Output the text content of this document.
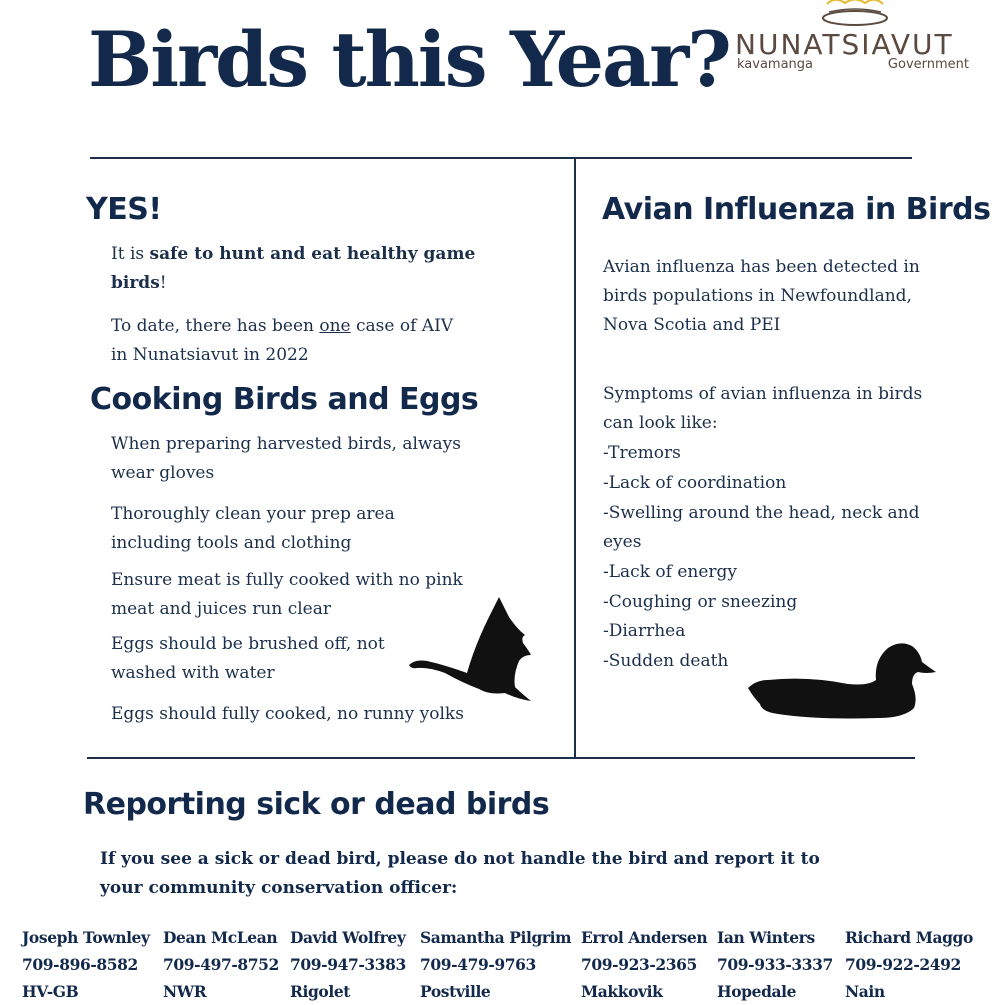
Birds this Year? NUNATSIAVUT
kavamanga	Government
YES!
It is safe to hunt and eat healthy game birds!
To date, there has been one case of AIV in Nunatsiavut in 2022
Cooking Birds and Eggs
When preparing harvested birds, always wear gloves
Thoroughly clean your prep area including tools and clothing
Ensure meat is fully cooked with no pink meat and juices run clear
Eggs should be brushed off, not washed with water
Eggs should fully cooked, no runny yolks
Avian Influenza in Birds
Avian influenza has been detected in birds populations in Newfoundland, Nova Scotia and PEI
Symptoms of avian influenza in birds can look like:
-Tremors
-Lack of coordination
-Swelling around the head, neck and eyes
-Lack of energy
-Coughing or sneezing
-Diarrhea
-Sudden death
Reporting sick or dead birds
If you see a sick or dead bird, please do not handle the bird and report it to your community conservation officer:
Joseph Townley
709-896-8582
HV-GB
Dean McLean
709-497-8752
NWR
David Wolfrey
709-947-3383
Rigolet
Samantha Pilgrim
709-479-9763
Postville
Errol Andersen
709-923-2365
Makkovik
Ian Winters
709-933-3337
Hopedale
Richard Maggo
709-922-2492
Nain
